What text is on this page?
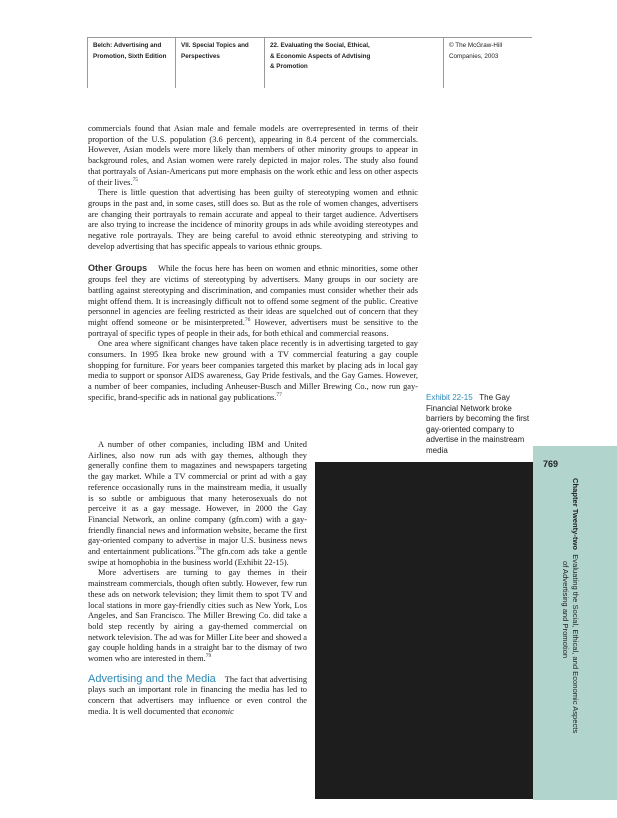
Belch: Advertising and Promotion, Sixth Edition
VII. Special Topics and Perspectives
22. Evaluating the Social, Ethical, & Economic Aspects of Advtising & Promotion
© The McGraw-Hill Companies, 2003

commercials found that Asian male and female models are overrepresented in terms of their proportion of the U.S. population (3.6 percent), appearing in 8.4 percent of the commercials. However, Asian models were more likely than members of other minority groups to appear in background roles, and Asian women were rarely depicted in major roles. The study also found that portrayals of Asian-Americans put more emphasis on the work ethic and less on other aspects of their lives.$^{75}$

There is little question that advertising has been guilty of stereotyping women and ethnic groups in the past and, in some cases, still does so. But as the role of women changes, advertisers are changing their portrayals to remain accurate and appeal to their target audience. Advertisers are also trying to increase the incidence of minority groups in ads while avoiding stereotypes and negative role portrayals. They are being careful to avoid ethnic stereotyping and striving to develop advertising that has specific appeals to various ethnic groups.

Other Groups While the focus here has been on women and ethnic minorities, some other groups feel they are victims of stereotyping by advertisers. Many groups in our society are battling against stereotyping and discrimination, and companies must consider whether their ads might offend them. It is increasingly difficult not to offend some segment of the public. Creative personnel in agencies are feeling restricted as their ideas are squelched out of concern that they might offend someone or be misinterpreted.$^{76}$ However, advertisers must be sensitive to the portrayal of specific types of people in their ads, for both ethical and commercial reasons.

One area where significant changes have taken place recently is in advertising targeted to gay consumers. In 1995 Ikea broke new ground with a TV commercial featuring a gay couple shopping for furniture. For years beer companies targeted this market by placing ads in local gay media to support or sponsor AIDS awareness, Gay Pride festivals, and the Gay Games. However, a number of beer companies, including Anheuser-Busch and Miller Brewing Co., now run gay-specific, brand-specific ads in national gay publications.$^{77}$

A number of other companies, including IBM and United Airlines, also now run ads with gay themes, although they generally confine them to magazines and newspapers targeting the gay market. While a TV commercial or print ad with a gay reference occasionally runs in the mainstream media, it usually is so subtle or ambiguous that many heterosexuals do not perceive it as a gay message. However, in 2000 the Gay Financial Network, an online company (gfn.com) with a gay-friendly financial news and information website, became the first gay-oriented company to advertise in major U.S. business news and entertainment publications.$^{78}$The gfn.com ads take a gentle swipe at homophobia in the business world (Exhibit 22-15).

More advertisers are turning to gay themes in their mainstream commercials, though often subtly. However, few run these ads on network television; they limit them to spot TV and local stations in more gay-friendly cities such as New York, Los Angeles, and San Francisco. The Miller Brewing Co. did take a bold step recently by airing a gay-themed commercial on network television. The ad was for Miller Lite beer and showed a gay couple holding hands in a straight bar to the dismay of two women who are interested in them.$^{79}$

Advertising and the Media The fact that advertising plays such an important role in financing the media has led to concern that advertisers may influence or even control the media. It is well documented that economic

Exhibit 22-15 The Gay Financial Network broke barriers by becoming the first gay-oriented company to advertise in the mainstream media
769
Chapter Twenty-two  Evaluating the Social, Ethical, and Economic Aspects
of Advertising and Promotion
